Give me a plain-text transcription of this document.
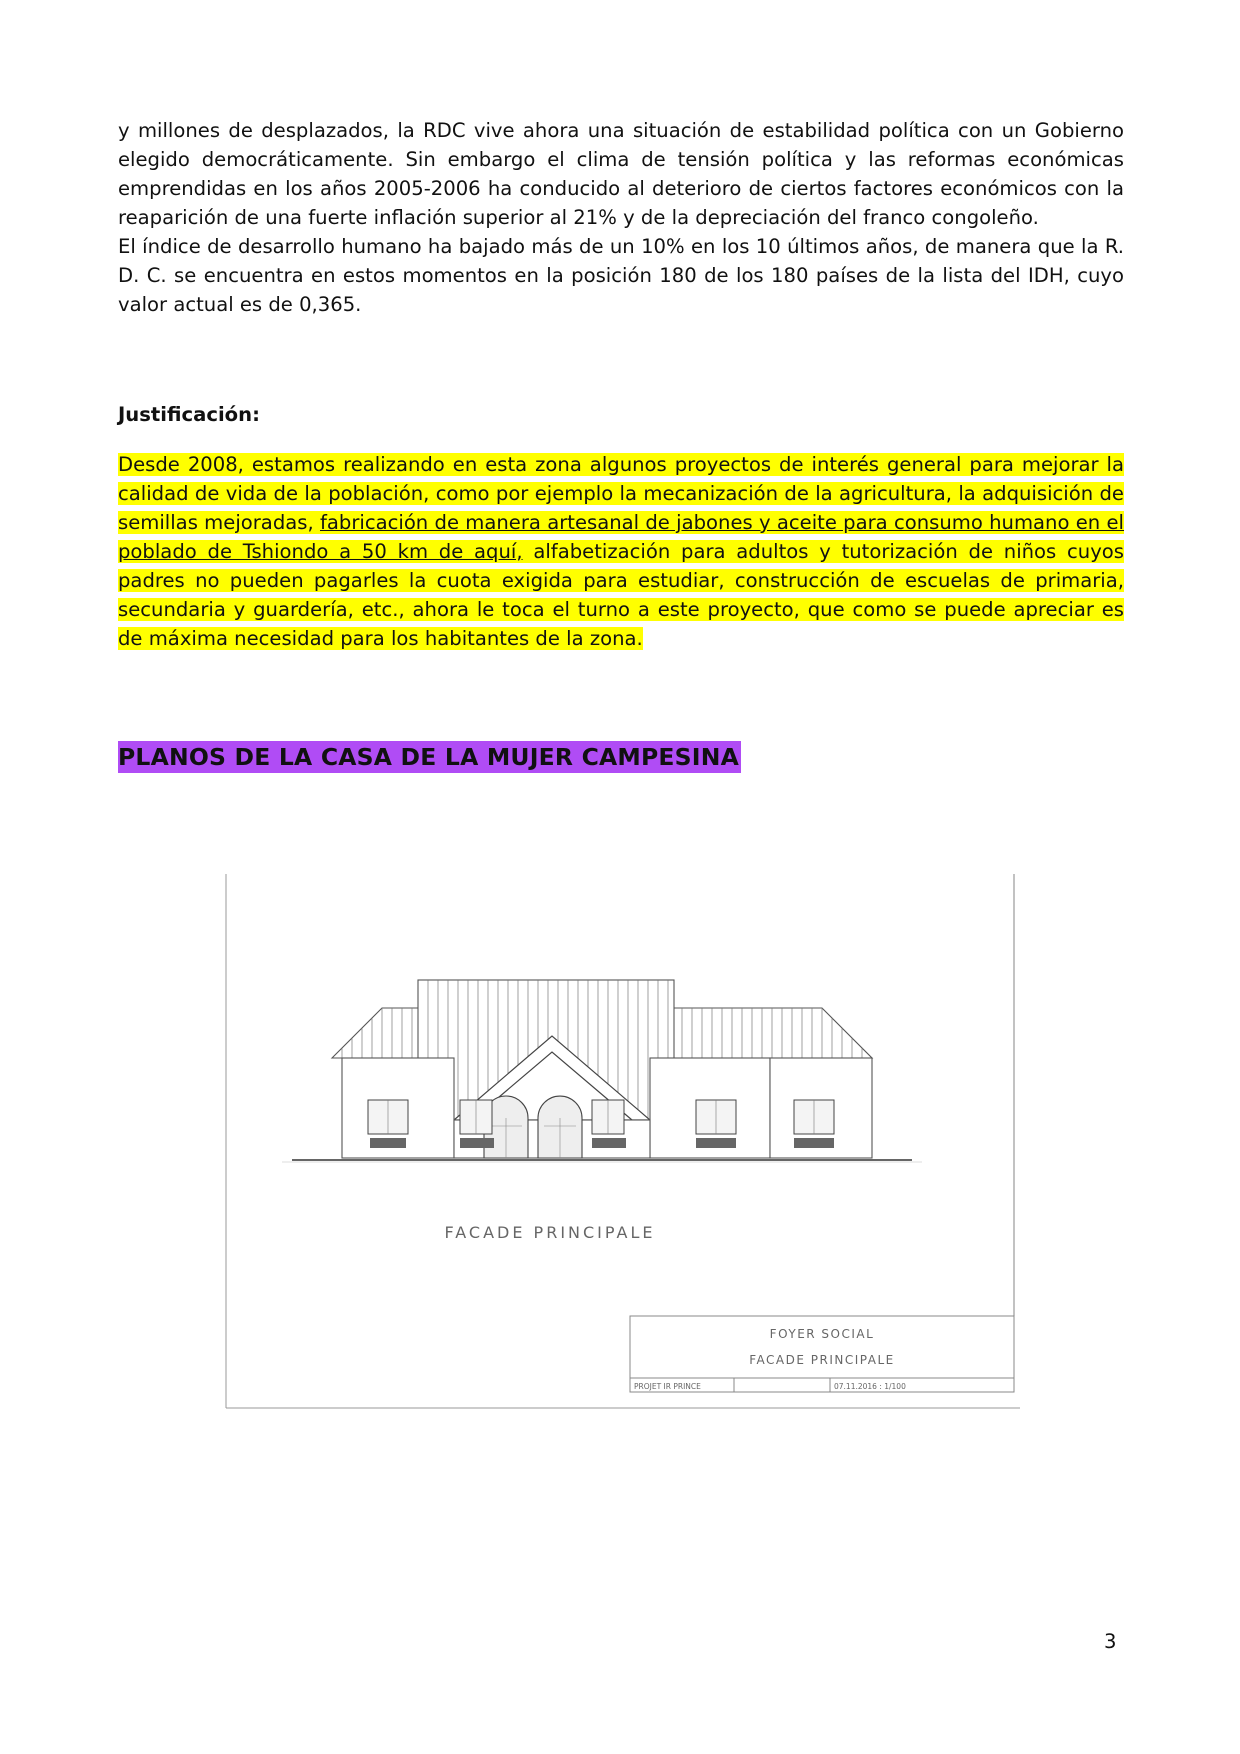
y millones de desplazados, la RDC vive ahora una situación de estabilidad política con un Gobierno elegido democráticamente. Sin embargo el clima de tensión política y las reformas económicas emprendidas en los años 2005-2006 ha conducido al deterioro de ciertos factores económicos con la reaparición de una fuerte inflación superior al 21% y de la depreciación del franco congoleño.

El índice de desarrollo humano ha bajado más de un 10% en los 10 últimos años, de manera que la R. D. C. se encuentra en estos momentos en la posición 180 de los 180 países de la lista del IDH, cuyo valor actual es de 0,365.

Justificación:

Desde 2008, estamos realizando en esta zona algunos proyectos de interés general para mejorar la calidad de vida de la población, como por ejemplo la mecanización de la agricultura, la adquisición de semillas mejoradas, fabricación de manera artesanal de jabones y aceite para consumo humano en el poblado de Tshiondo a 50 km de aquí, alfabetización para adultos y tutorización de niños cuyos padres no pueden pagarles la cuota exigida para estudiar, construcción de escuelas de primaria, secundaria y guardería, etc., ahora le toca el turno a este proyecto, que como se puede apreciar es de máxima necesidad para los habitantes de la zona.

PLANOS DE LA CASA DE LA MUJER CAMPESINA
FACADE PRINCIPALE
FOYER SOCIAL
FACADE PRINCIPALE
PROJET IR PRINCE	07.11.2016 : 1/100

3
